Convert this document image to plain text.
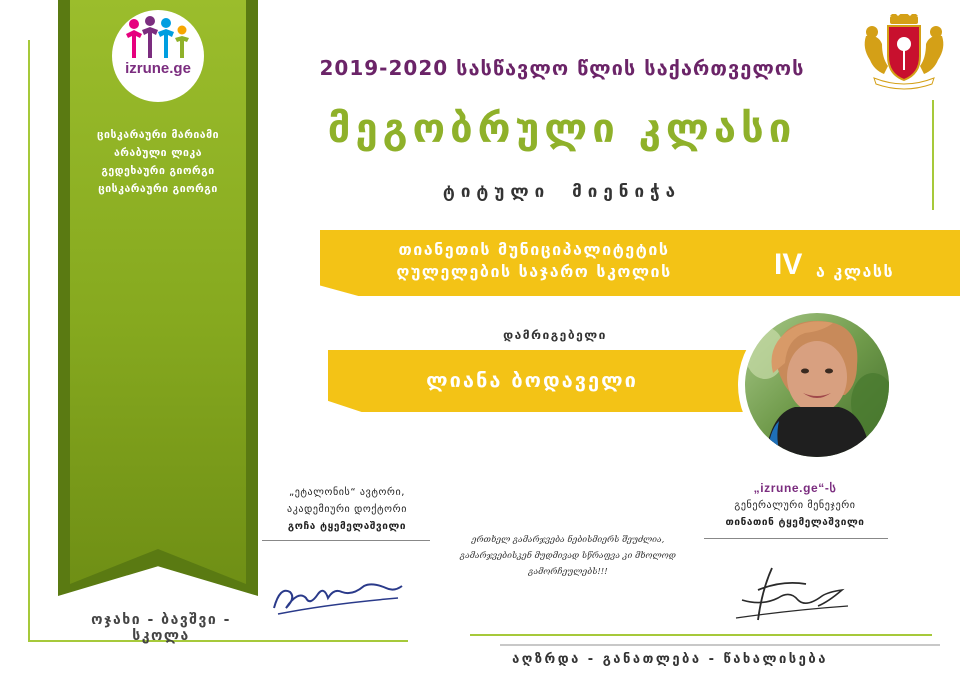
izrune.ge
ცისკარაური მარიამი
არაბული ლიკა
გედეხაური გიორგი
ცისკარაური გიორგი
ოჯახი - ბავშვი - სკოლა
2019-2020 სასწავლო წლის საქართველოს
მეგობრული კლასი
ტიტული მიენიჭა
თიანეთის მუნიციპალიტეტის
ღულელების საჯარო სკოლის	IV ა კლასს
დამრიგებელი
ლიანა ბოდაველი
„ეტალონის“ ავტორი,
აკადემიური დოქტორი
გოჩა ტყემელაშვილი
„izrune.ge“-ს
გენერალური მენეჯერი
თინათინ ტყემელაშვილი
ერთხელ გამარჯვება ნებისმიერს შეუძლია,
გამარჯვებისკენ მუდმივად სწრაფვა კი მხოლოდ გამორჩეულებს!!!
აღზრდა - განათლება - წახალისება
